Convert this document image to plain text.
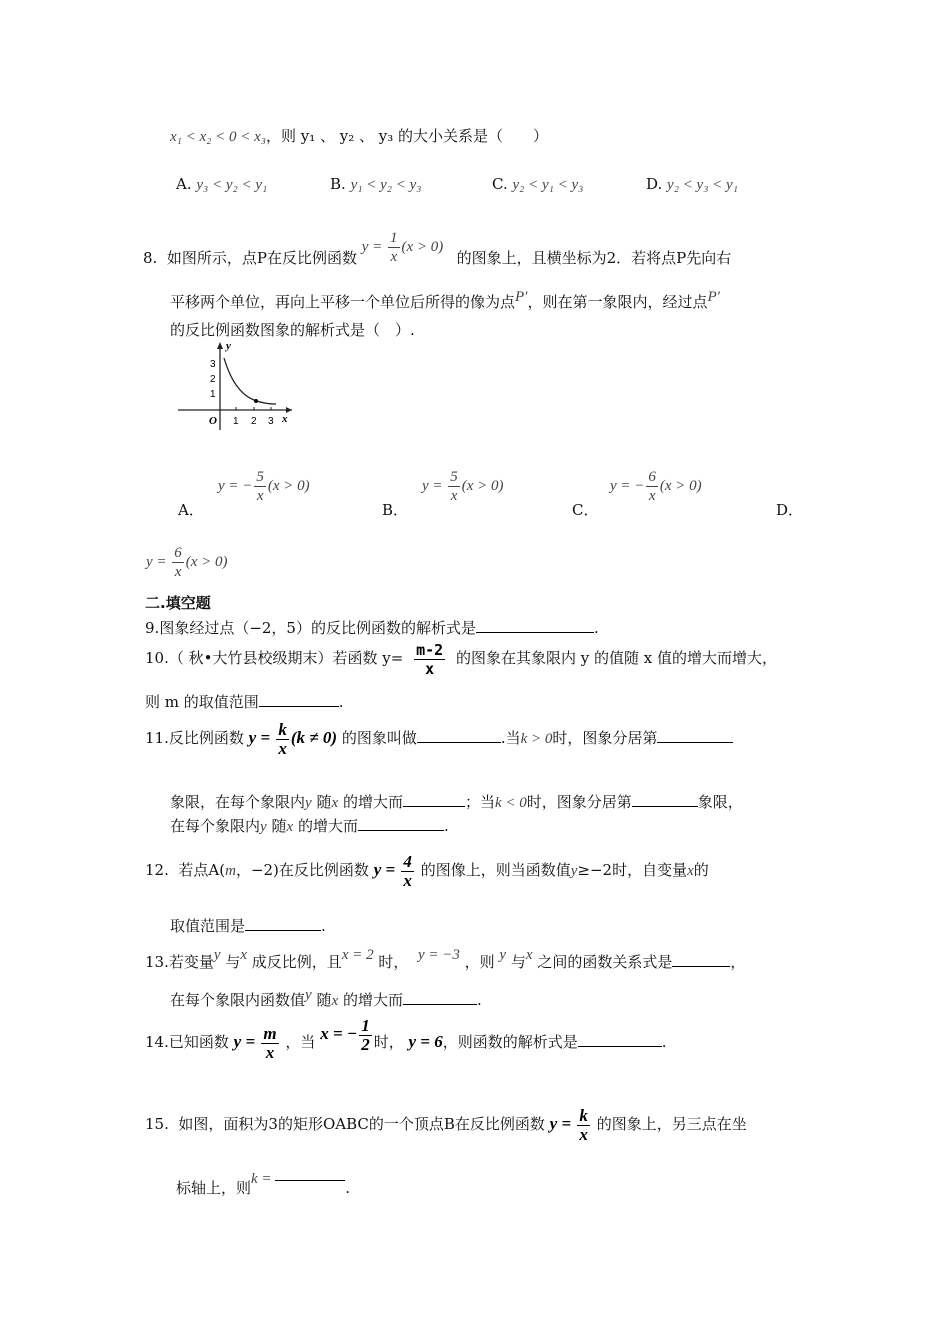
x₁ < x₂ < 0 < x₃，则 y₁ 、 y₂ 、 y₃ 的大小关系是（　　）
A. y₃ < y₂ < y₁	B. y₁ < y₂ < y₃	C. y₂ < y₁ < y₃	D. y₂ < y₃ < y₁
8. 如图所示，点P在反比例函数 $y = \frac{1}{x} (x > 0)$   的图象上，且横坐标为2．若将点P先向右
平移两个单位，再向上平移一个单位后所得的像为点P′，则在第一象限内，经过点P′
的反比例函数图象的解析式是（　）.
y
x
O 1 2 3
1
2
3
A．
y = − $\frac{5}{x} (x > 0)$
B．
$y = \frac{5}{x} (x > 0)$
C．
y = − $\frac{6}{x} (x > 0)$
D．
$y = \frac{6}{x} (x > 0)$
二.填空题
9.图象经过点（−2，5）的反比例函数的解析式是	.
10.（ 秋•大竹县校级期末）若函数 $y= \frac{m-2}{x}$ 的图象在其象限内 y 的值随 x 值的增大而增大，
则 m 的取值范围	.
11.反比例函数 $y = \frac{k}{x} (k \ne 0)$ 的图象叫做	.当k > 0时，图象分居第
象限，在每个象限内y 随x 的增大而	；当k < 0时，图象分居第	象限，
在每个象限内y 随x 的增大而	.
12. 若点A(m，−2)在反比例函数 $y = \frac{4}{x}$ 的图像上，则当函数值y≥−2时，自变量x的
取值范围是	.
13.若变量y 与x 成反比例，且x = 2 时， y = −3 ，则 y 与x 之间的函数关系式是	，
在每个象限内函数值y 随x 的增大而	.
14.已知函数 $y = \frac{m}{x}$ ，当 x = − $\frac{1}{2}$ 时， y = 6，则函数的解析式是	.
15. 如图，面积为3的矩形OABC的一个顶点B在反比例函数 $y = \frac{k}{x}$ 的图象上，另三点在坐
标轴上，则k =	.
